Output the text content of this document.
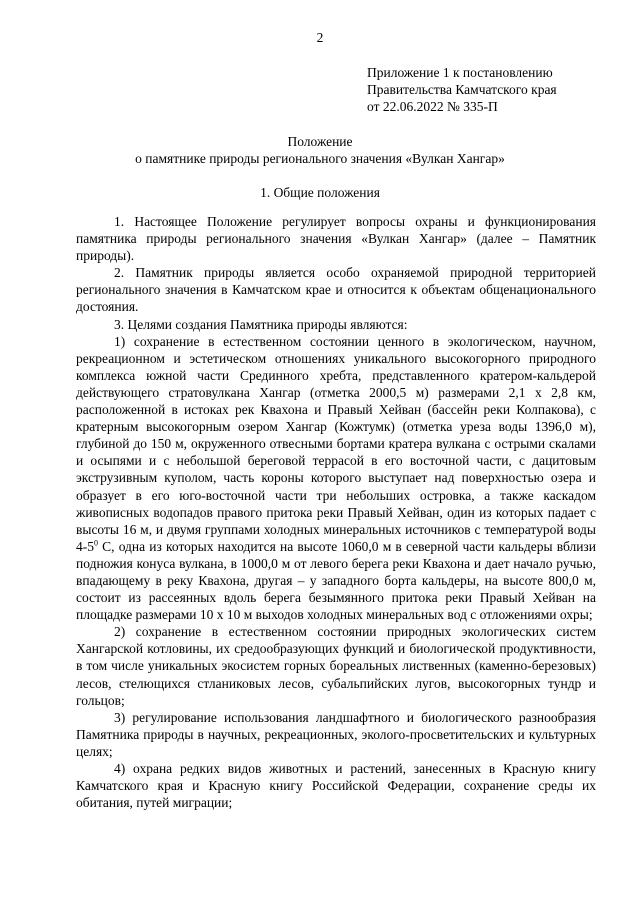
2
Приложение 1 к постановлению
Правительства Камчатского края
от 22.06.2022 № 335-П
Положение
о памятнике природы регионального значения «Вулкан Хангар»
1. Общие положения

1. Настоящее Положение регулирует вопросы охраны и функционирования памятника природы регионального значения «Вулкан Хангар» (далее – Памятник природы).

2. Памятник природы является особо охраняемой природной территорией регионального значения в Камчатском крае и относится к объектам общенационального достояния.

3. Целями создания Памятника природы являются:

1) сохранение в естественном состоянии ценного в экологическом, научном, рекреационном и эстетическом отношениях уникального высокогорного природного комплекса южной части Срединного хребта, представленного кратером-кальдерой действующего стратовулкана Хангар (отметка 2000,5 м) размерами 2,1 х 2,8 км, расположенной в истоках рек Квахона и Правый Хейван (бассейн реки Колпакова), с кратерным высокогорным озером Хангар (Кожтумк) (отметка уреза воды 1396,0 м), глубиной до 150 м, окруженного отвесными бортами кратера вулкана с острыми скалами и осыпями и с небольшой береговой террасой в его восточной части, с дацитовым экструзивным куполом, часть короны которого выступает над поверхностью озера и образует в его юго-восточной части три небольших островка, а также каскадом живописных водопадов правого притока реки Правый Хейван, один из которых падает с высоты 16 м, и двумя группами холодных минеральных источников с температурой воды $4-5^0$ С, одна из которых находится на высоте 1060,0 м в северной части кальдеры вблизи подножия конуса вулкана, в 1000,0 м от левого берега реки Квахона и дает начало ручью, впадающему в реку Квахона, другая – у западного борта кальдеры, на высоте 800,0 м, состоит из рассеянных вдоль берега безымянного притока реки Правый Хейван на площадке размерами 10 х 10 м выходов холодных минеральных вод с отложениями охры;

2) сохранение в естественном состоянии природных экологических систем Хангарской котловины, их средообразующих функций и биологической продуктивности, в том числе уникальных экосистем горных бореальных лиственных (каменно-березовых) лесов, стелющихся стланиковых лесов, субальпийских лугов, высокогорных тундр и гольцов;

3) регулирование использования ландшафтного и биологического разнообразия Памятника природы в научных, рекреационных, эколого-просветительских и культурных целях;

4) охрана редких видов животных и растений, занесенных в Красную книгу Камчатского края и Красную книгу Российской Федерации, сохранение среды их обитания, путей миграции;
